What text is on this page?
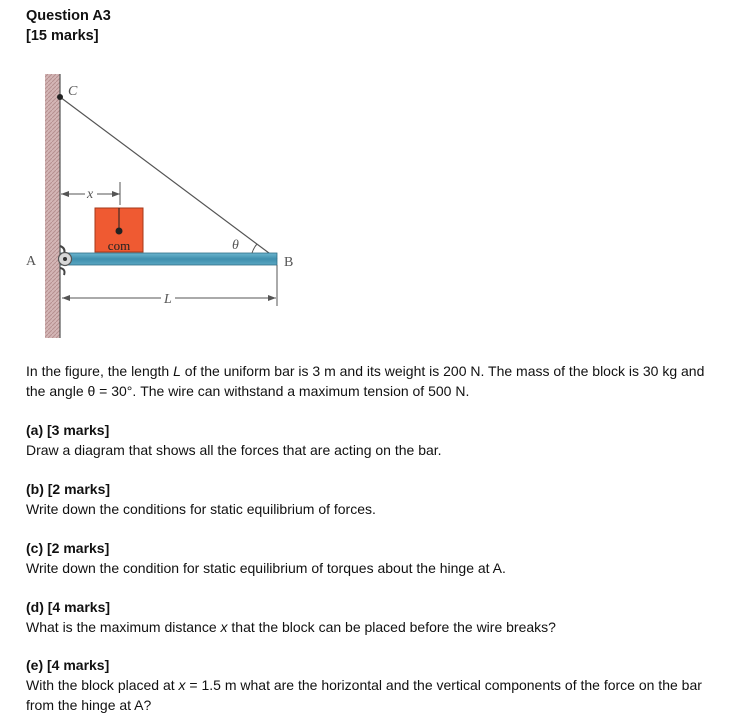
Question A3
[15 marks]
C
x
com
A
θ
B
L
In the figure, the length L of the uniform bar is 3 m and its weight is 200 N. The mass of the block is 30 kg and the angle θ = 30°. The wire can withstand a maximum tension of 500 N.
(a) [3 marks]
Draw a diagram that shows all the forces that are acting on the bar.
(b) [2 marks]
Write down the conditions for static equilibrium of forces.
(c) [2 marks]
Write down the condition for static equilibrium of torques about the hinge at A.
(d) [4 marks]
What is the maximum distance x that the block can be placed before the wire breaks?
(e) [4 marks]
With the block placed at x = 1.5 m what are the horizontal and the vertical components of the force on the bar from the hinge at A?
